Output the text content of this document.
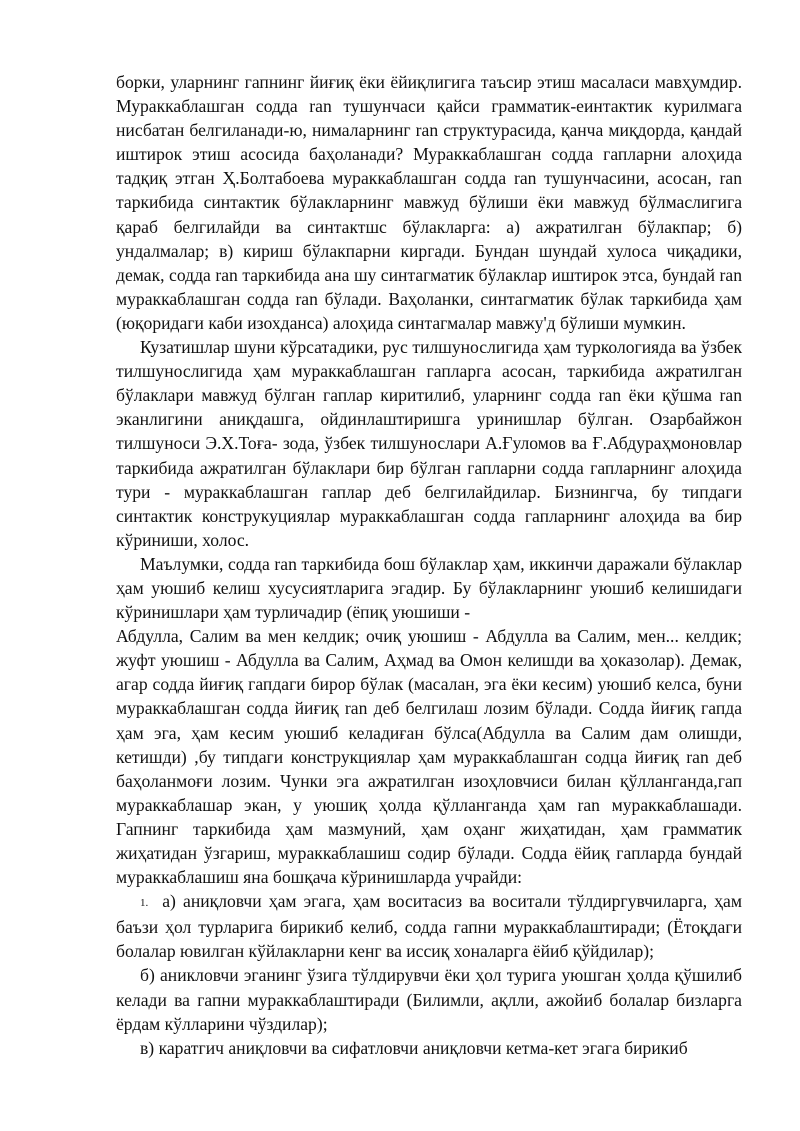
борки, уларнинг гапнинг йиғиқ ёки ёйиқлигига таъсир этиш масаласи мавҳумдир. Мураккаблашган содда ran тушунчаси қайси грамматик-еинтактик курилмага нисбатан белгиланади-ю, нималарнинг ran структурасида, қанча миқдорда, қандай иштирок этиш асосида баҳоланади? Мураккаблашган содда гапларни алоҳида тадқиқ этган Ҳ.Болтабоева мураккаблашган содда ran тушунчасини, асосан, ran таркибида синтактик бўлакларнинг мавжуд бўлиши ёки мавжуд бўлмаслигига қараб белгилайди ва синтактшс бўлакларга: а) ажратилган бўлакпар; б) ундалмалар; в) кириш бўлакпарни киргади. Бундан шундай хулоса чиқадики, демак, содда ran таркибида ана шу синтагматик бўлаклар иштирок этса, бундай ran мураккаблашган содда ran бўлади. Ваҳоланки, синтагматик бўлак таркибида ҳам (юқоридаги каби изохданса) алоҳида синтагмалар мавжу'д бўлиши мумкин.

Кузатишлар шуни кўрсатадики, рус тилшунослигида ҳам туркологияда ва ўзбек тилшунослигида ҳам мураккаблашган гапларга асосан, таркибида ажратилган бўлаклари мавжуд бўлган гаплар киритилиб, уларнинг содда ran ёки қўшма ran эканлигини аниқдашга, ойдинлаштиришга уринишлар бўлган. Озарбайжон тилшуноси Э.Х.Тоға- зода, ўзбек тилшунослари А.Ғуломов ва Ғ.Абдураҳмоновлар таркибида ажратилган бўлаклари бир бўлган гапларни содда гапларнинг алоҳида тури - мураккаблашган гаплар деб белгилайдилар. Бизнингча, бу типдаги синтактик конструкуциялар мураккаблашган содда гапларнинг алоҳида ва бир кўриниши, холос.

Маълумки, содда ran таркибида бош бўлаклар ҳам, иккинчи даражали бўлаклар ҳам уюшиб келиш хусусиятларига эгадир. Бу бўлакларнинг уюшиб келишидаги кўринишлари ҳам турличадир (ёпиқ уюшиши -

Абдулла, Салим ва мен келдик; очиқ уюшиш - Абдулла ва Салим, мен... келдик; жуфт уюшиш - Абдулла ва Салим, Аҳмад ва Омон келишди ва ҳоказолар). Демак, агар содда йиғиқ гапдаги бирор бўлак (масалан, эга ёки кесим) уюшиб келса, буни мураккаблашган содда йиғиқ ran деб белгилаш лозим бўлади. Содда йиғиқ гапда ҳам эга, ҳам кесим уюшиб келадиған бўлса(Абдулла ва Салим дам олишди, кетишди) ,бу типдаги конструкциялар ҳам мураккаблашган содца йиғиқ ran деб баҳоланмоғи лозим. Чунки эга ажратилган изоҳловчиси билан қўлланганда,гап мураккаблашар экан, у уюшиқ ҳолда қўлланганда ҳам ran мураккаблашади. Гапнинг таркибида ҳам мазмуний, ҳам оҳанг жиҳатидан, ҳам грамматик жиҳатидан ўзгариш, мураккаблашиш содир бўлади. Содда ёйиқ гапларда бундай мураккаблашиш яна бошқача кўринишларда учрайди:

1. а) аниқловчи ҳам эгага, ҳам воситасиз ва воситали тўлдиргувчиларга, ҳам баъзи ҳол турларига бирикиб келиб, содда гапни мураккаблаштиради; (Ётоқдаги болалар ювилган кўйлакларни кенг ва иссиқ хоналарга ёйиб қўйдилар);

б) аникловчи эганинг ўзига тўлдирувчи ёки ҳол турига уюшган ҳолда қўшилиб келади ва гапни мураккаблаштиради (Билимли, ақлли, ажойиб болалар бизларга ёрдам кўлларини чўздилар);

в) каратгич аниқловчи ва сифатловчи аниқловчи кетма-кет эгага бирикиб
